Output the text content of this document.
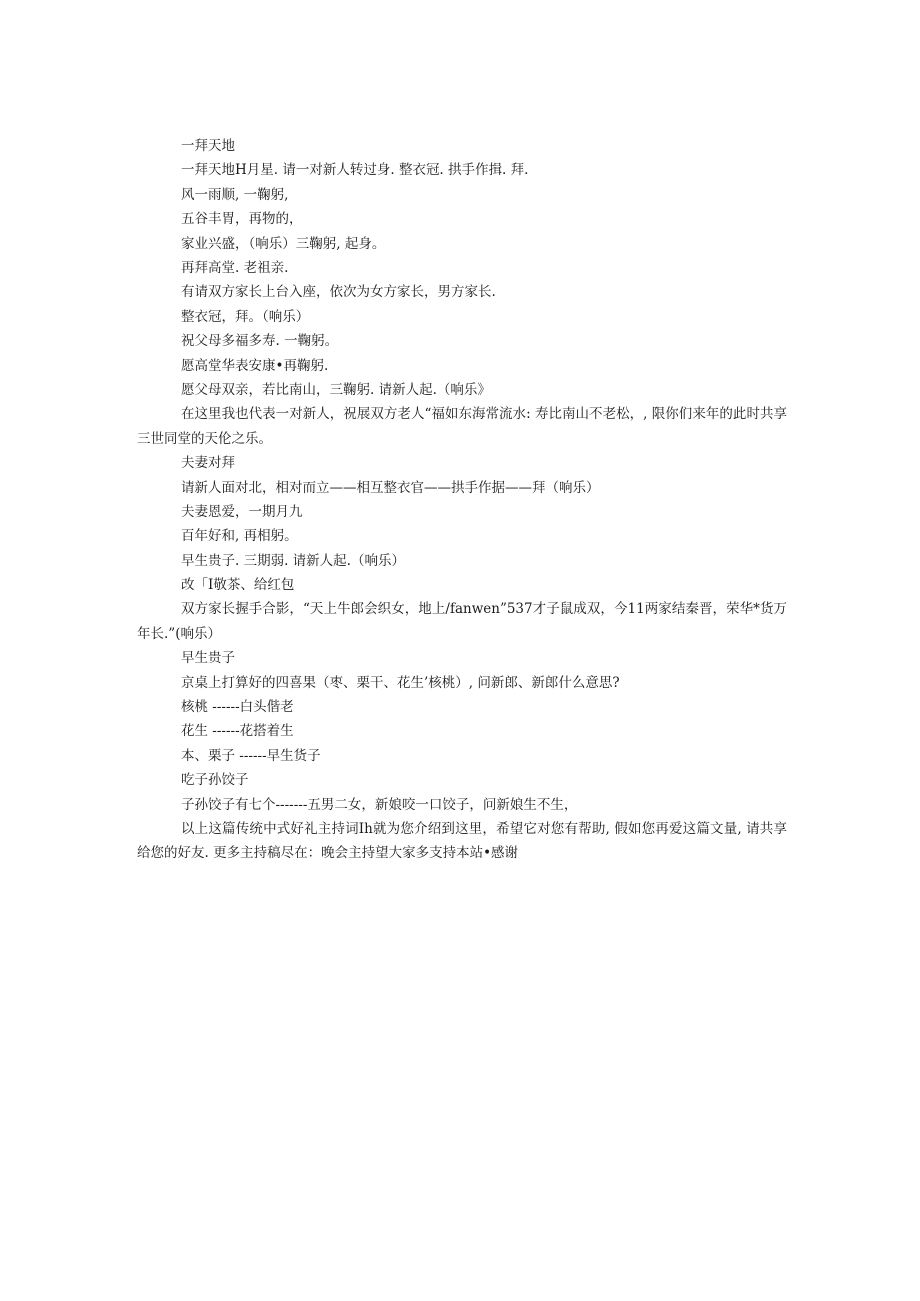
一拜天地
一拜天地H月星. 请一对新人转过身. 整衣冠. 拱手作揖. 拜.
风一雨顺, 一鞠躬,
五谷丰胃，再物的，
家业兴盛，（响乐）三鞠躬, 起身。
再拜高堂. 老祖亲.
有请双方家长上台入座，依次为女方家长，男方家长.
整衣冠，拜。（响乐）
祝父母多福多寿. 一鞠躬。
愿高堂华表安康•再鞠躬.
愿父母双亲，若比南山，三鞠躬. 请新人起.（响乐》
在这里我也代表一对新人，祝展双方老人“福如东海常流水: 寿比南山不老松，, 限你们来年的此时共享三世同堂的天伦之乐。
夫妻对拜
请新人面对北，相对而立——相互整衣官——拱手作据——拜（响乐）
夫妻恩爱，一期月九
百年好和, 再相躬。
早生贵子. 三期弱. 请新人起.（响乐）
改「I敬茶、给红包
双方家长握手合影，“天上牛郎会织女，地上/fanwen”537才子鼠成双，今11两家结秦晋，荣华*货万年长.”(响乐）
早生贵子
京桌上打算好的四喜果（枣、栗干、花生’核桃）, 问新郎、新郎什么意思?
核桃 ------白头偕老
花生 ------花搭着生
本、栗子 ------早生货子
吃子孙饺子
子孙饺子有七个-------五男二女，新娘咬一口饺子，问新娘生不生，
以上这篇传统中式好礼主持词Ih就为您介绍到这里，希望它对您有帮助, 假如您再爱这篇文量, 请共享给您的好友. 更多主持稿尽在：晚会主持望大家多支持本站•感谢
